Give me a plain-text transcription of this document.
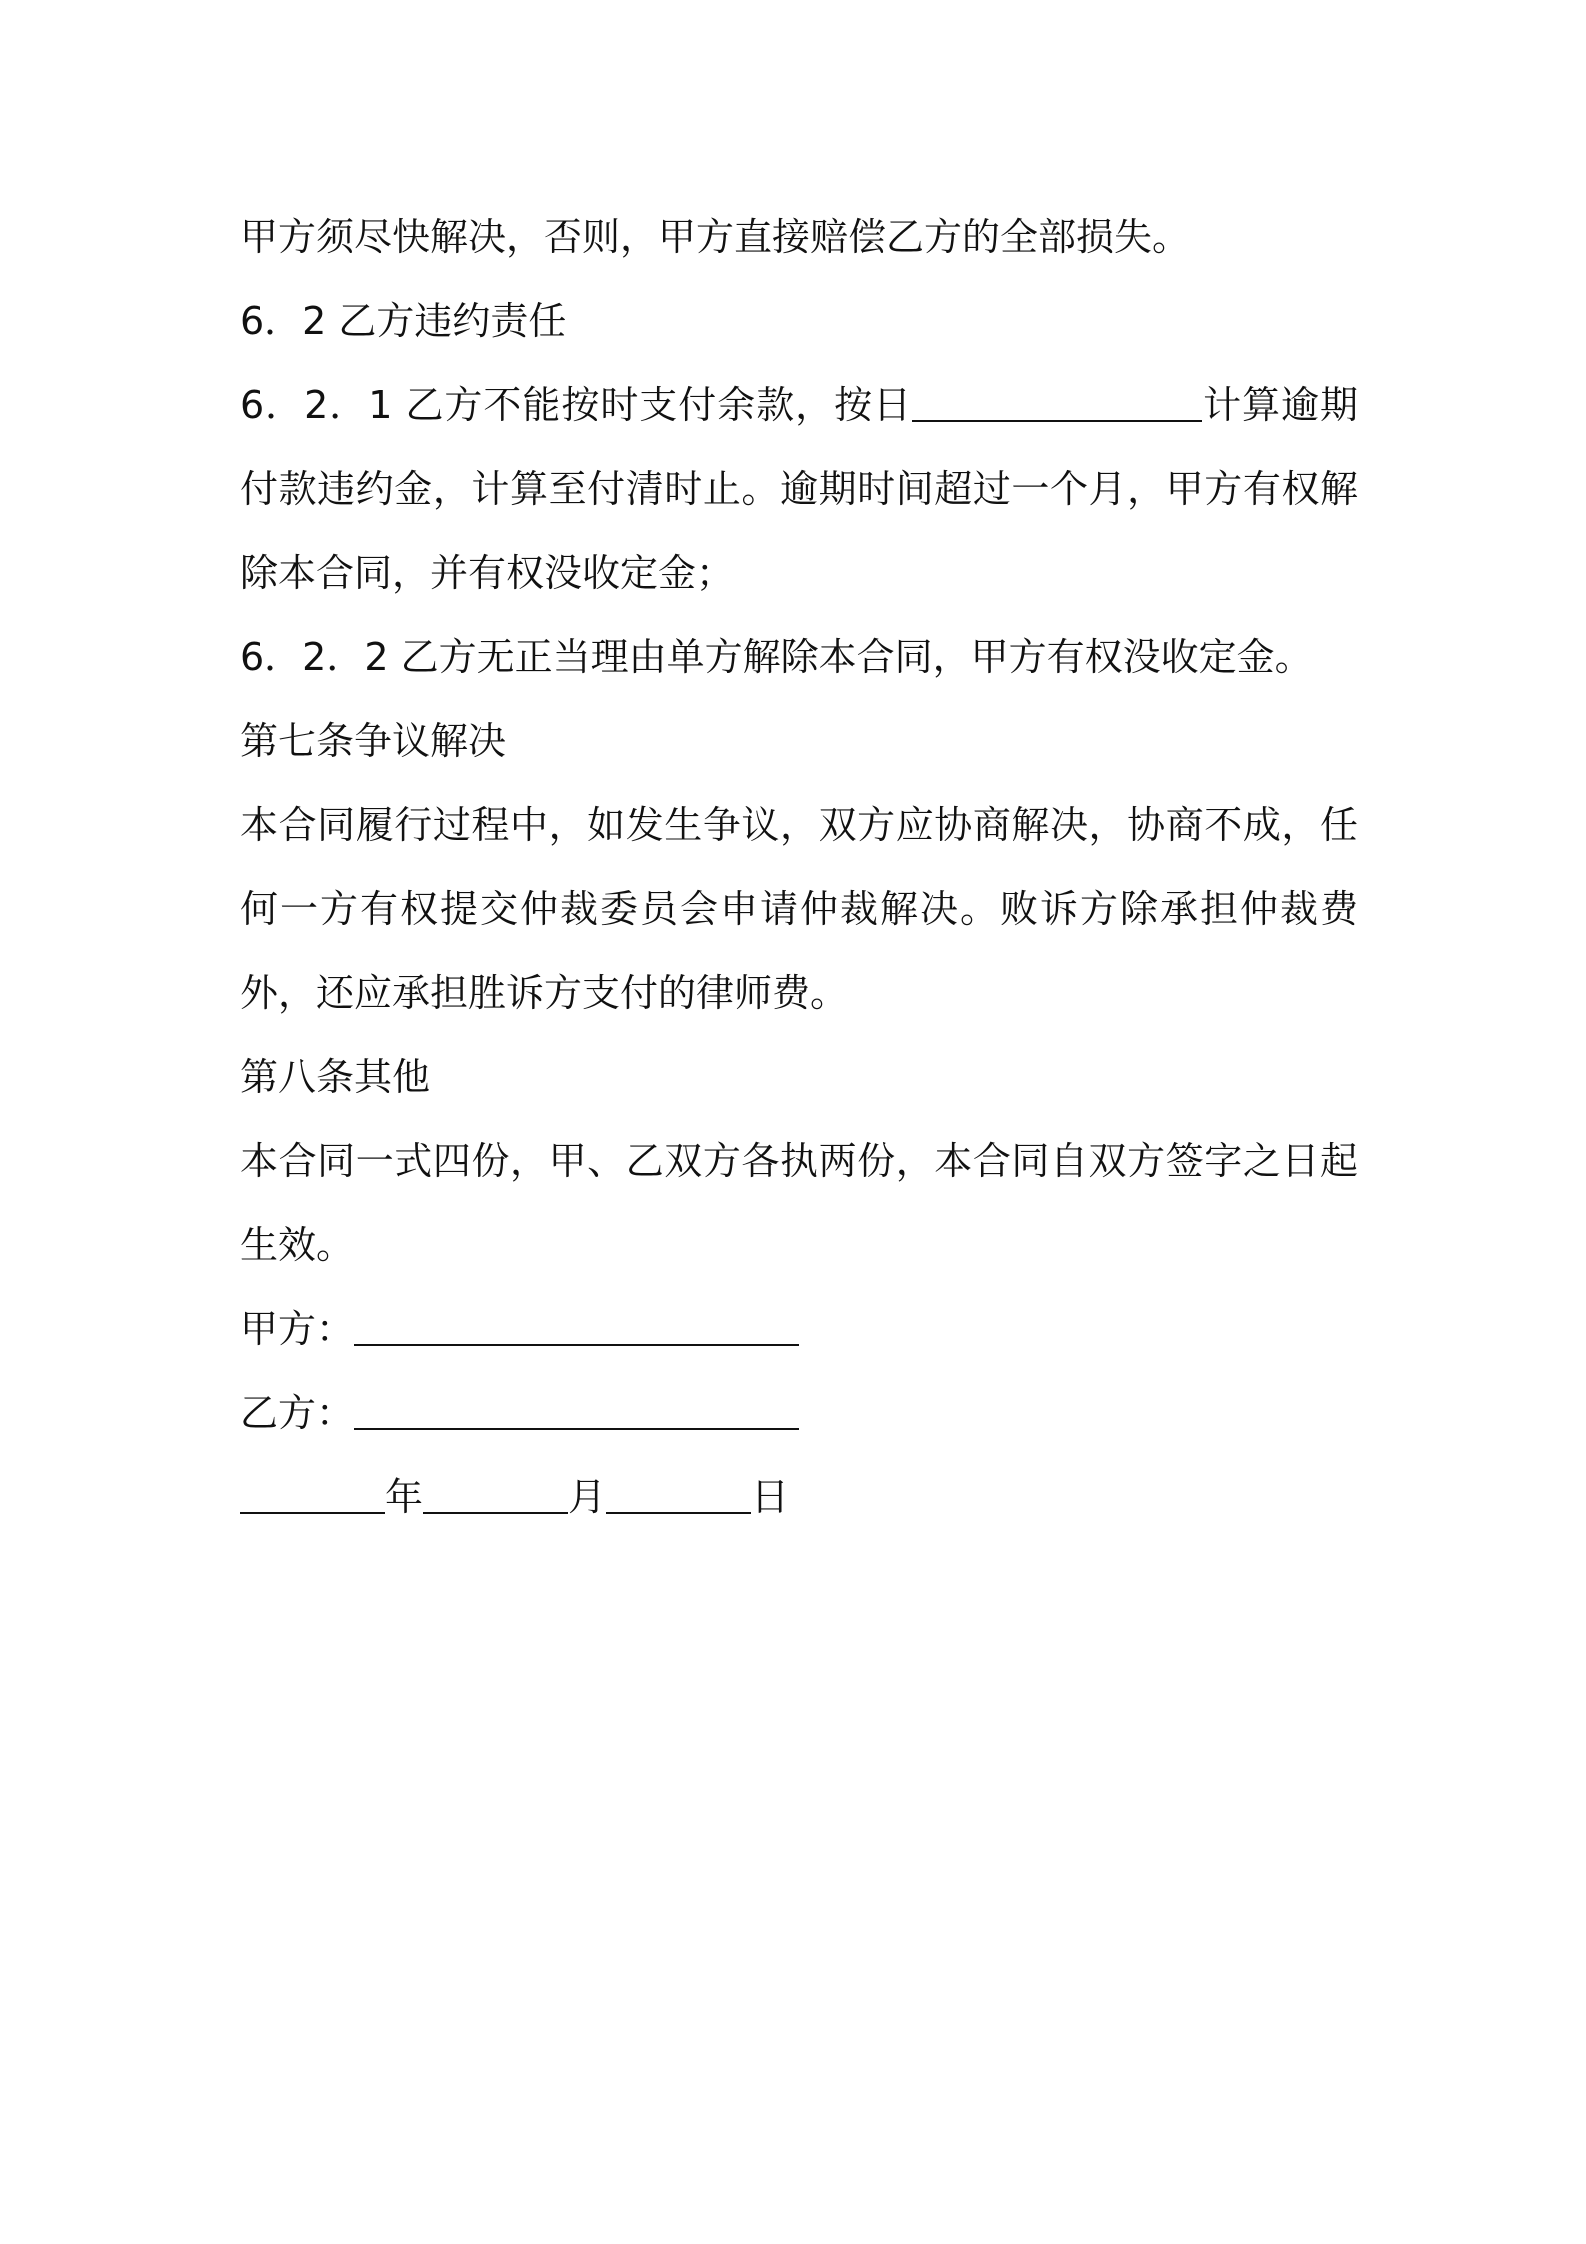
甲方须尽快解决，否则，甲方直接赔偿乙方的全部损失。

6．2 乙方违约责任

6．2．1 乙方不能按时支付余款，按日	计算逾期付款违约金，计算至付清时止。逾期时间超过一个月，甲方有权解除本合同，并有权没收定金；

6．2．2 乙方无正当理由单方解除本合同，甲方有权没收定金。

第七条争议解决

本合同履行过程中，如发生争议，双方应协商解决，协商不成，任何一方有权提交仲裁委员会申请仲裁解决。败诉方除承担仲裁费外，还应承担胜诉方支付的律师费。

第八条其他

本合同一式四份，甲、乙双方各执两份，本合同自双方签字之日起生效。

甲方：

乙方：

年	月	日
